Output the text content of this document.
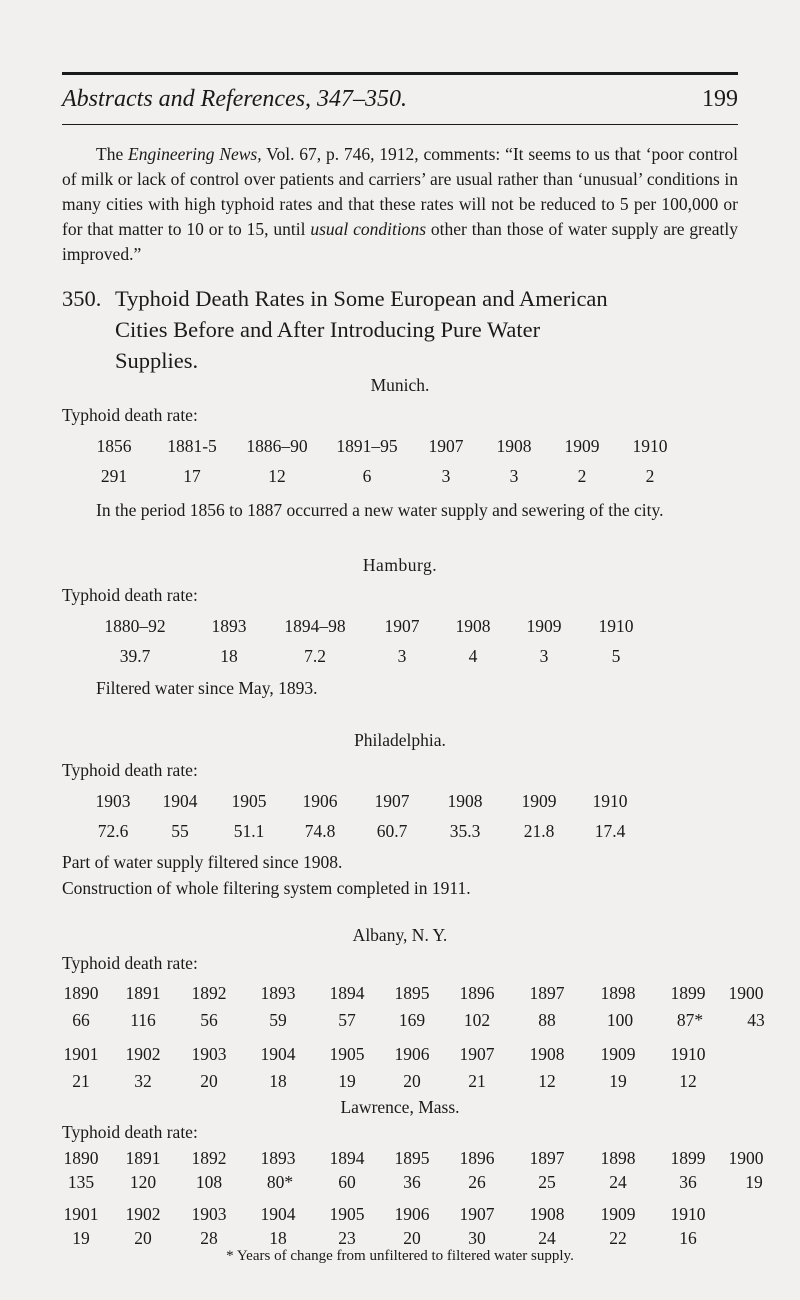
Abstracts and References, 347–350.	199
The Engineering News, Vol. 67, p. 746, 1912, comments: “It seems to us that ‘poor control of milk or lack of control over patients and carriers’ are usual rather than ‘unusual’ conditions in many cities with high typhoid rates and that these rates will not be reduced to 5 per 100,000 or for that matter to 10 or to 15, until usual conditions other than those of water supply are greatly improved.”
350. Typhoid Death Rates in Some European and American
Cities Before and After Introducing Pure Water
Supplies.
Munich.
Typhoid death rate:
1856 1881-5 1886–90 1891–95 1907 1908 1909 1910
291	17	12	6	3	3	2	2
In the period 1856 to 1887 occurred a new water supply and sewering of the city.
Hamburg.
Typhoid death rate:
1880–92	1893 1894–98 1907 1908 1909 1910
39.7	18	7.2	3	4	3	5
Filtered water since May, 1893.
Philadelphia.
Typhoid death rate:
1903 1904 1905 1906 1907 1908 1909 1910
72.6 55	51.1 74.8 60.7 35.3 21.8 17.4
Part of water supply filtered since 1908.
Construction of whole filtering system completed in 1911.
Albany, N. Y.
Typhoid death rate:
1890 1891 1892 1893 1894 1895 1896 1897 1898 1899 1900
66 116	56	59	57 169 102	88	100	87*	43
1901 1902 1903 1904 1905 1906 1907 1908 1909 1910
21	32	20	18	19	20	21	12	19	12
Lawrence, Mass.
Typhoid death rate:
1890 1891 1892 1893 1894 1895 1896 1897 1898 1899 1900
135 120 108	80*	60	36	26	25	24	36	19
1901 1902 1903 1904 1905 1906 1907 1908 1909 1910
19	20	28	18	23	20	30	24	22	16
* Years of change from unfiltered to filtered water supply.
